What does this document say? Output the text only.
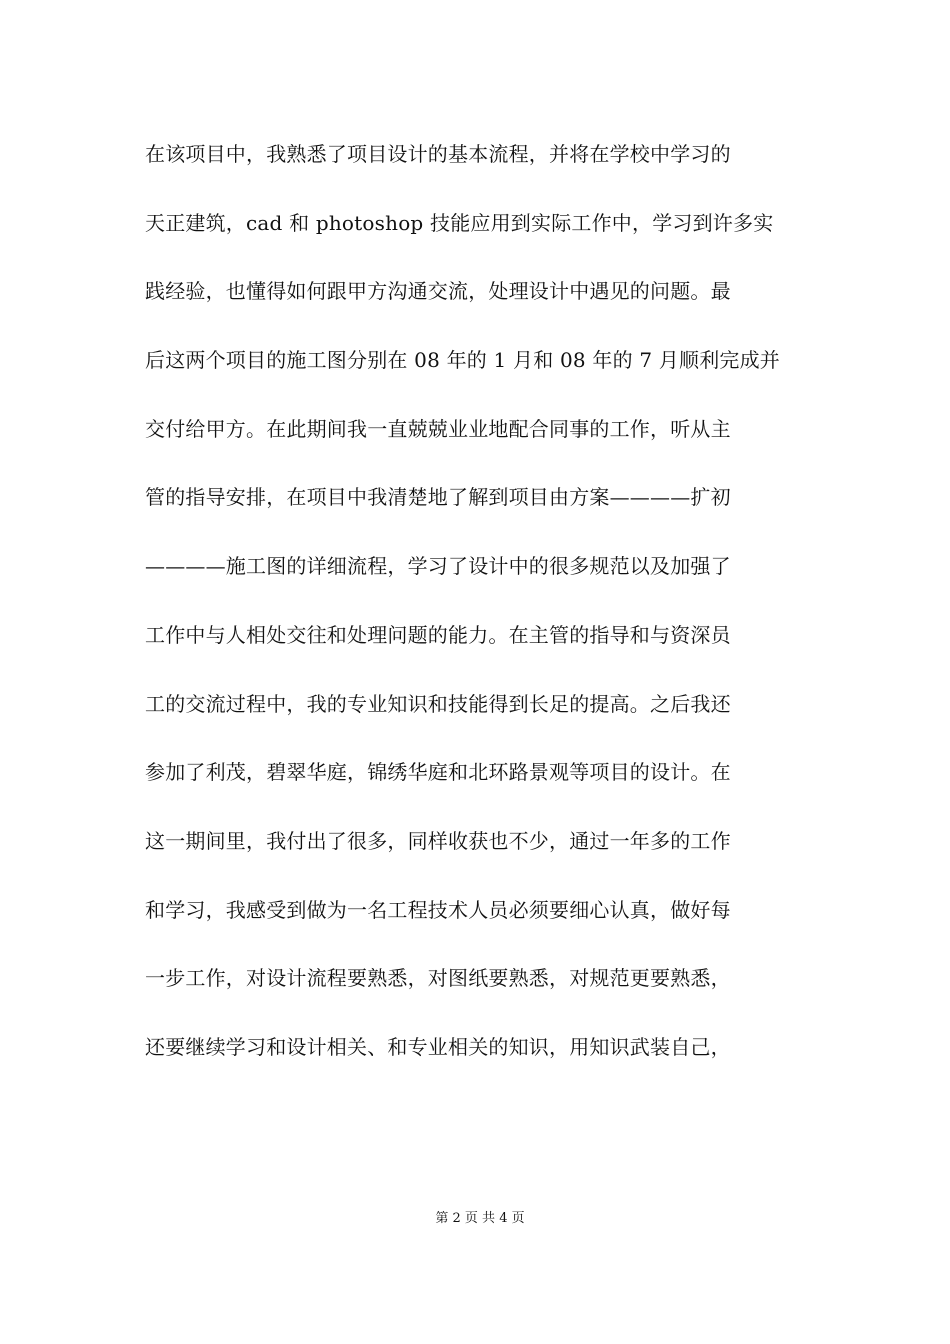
在该项目中，我熟悉了项目设计的基本流程，并将在学校中学习的
天正建筑，cad 和 photoshop 技能应用到实际工作中，学习到许多实
践经验，也懂得如何跟甲方沟通交流，处理设计中遇见的问题。最
后这两个项目的施工图分别在 08 年的 1 月和 08 年的 7 月顺利完成并
交付给甲方。在此期间我一直兢兢业业地配合同事的工作，听从主
管的指导安排，在项目中我清楚地了解到项目由方案————扩初
————施工图的详细流程，学习了设计中的很多规范以及加强了
工作中与人相处交往和处理问题的能力。在主管的指导和与资深员
工的交流过程中，我的专业知识和技能得到长足的提高。之后我还
参加了利茂，碧翠华庭，锦绣华庭和北环路景观等项目的设计。在
这一期间里，我付出了很多，同样收获也不少，通过一年多的工作
和学习，我感受到做为一名工程技术人员必须要细心认真，做好每
一步工作，对设计流程要熟悉，对图纸要熟悉，对规范更要熟悉，
还要继续学习和设计相关、和专业相关的知识，用知识武装自己，
第 2 页 共 4 页
